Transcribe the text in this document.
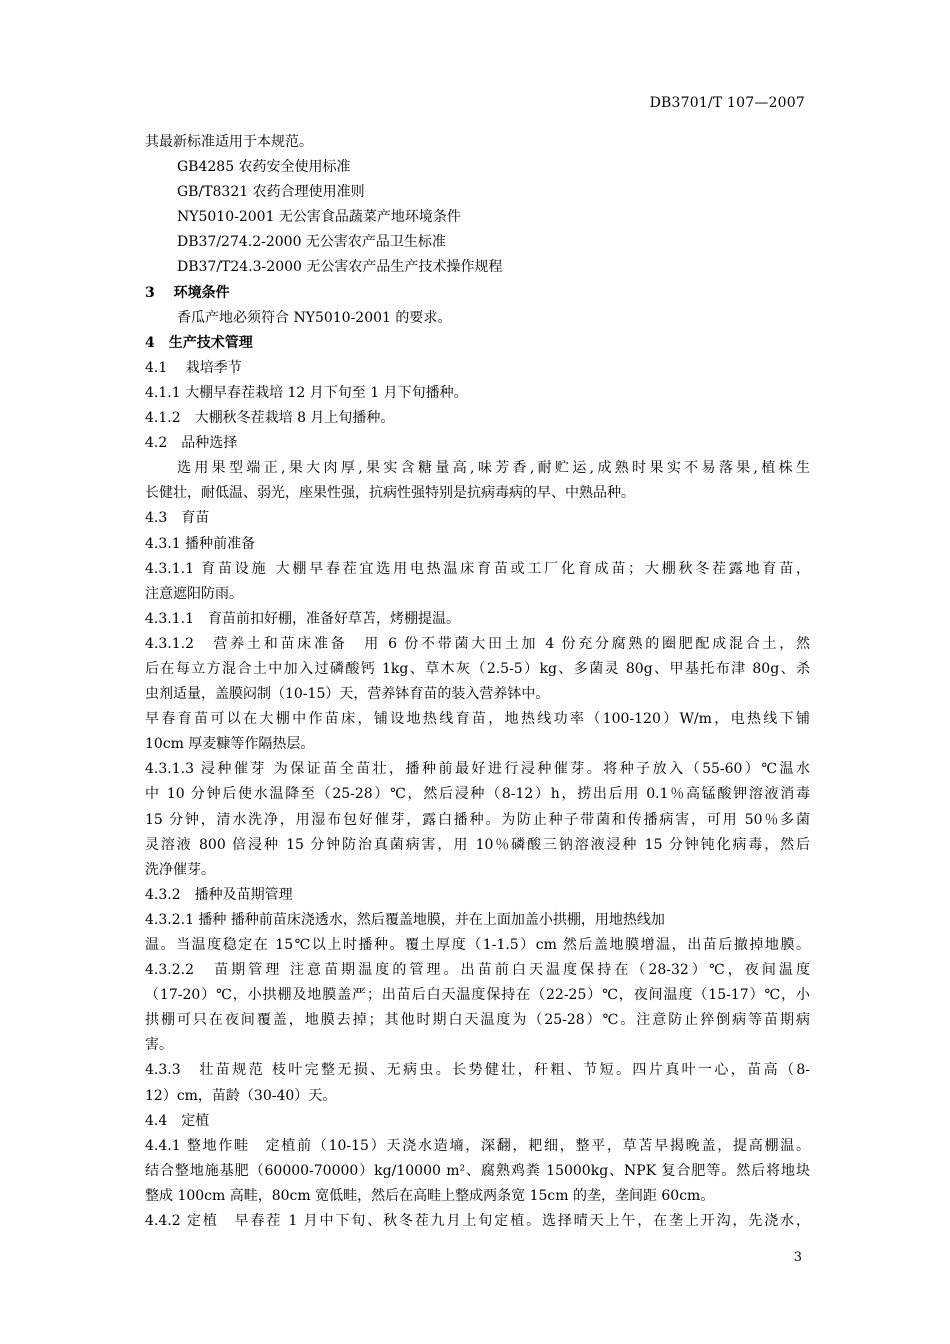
DB3701/T 107—2007
其最新标准适用于本规范。
GB4285 农药安全使用标准
GB/T8321 农药合理使用准则
NY5010-2001 无公害食品蔬菜产地环境条件
DB37/274.2-2000 无公害农产品卫生标准
DB37/T24.3-2000 无公害农产品生产技术操作规程
3　 环境条件
香瓜产地必须符合 NY5010-2001 的要求。
4　生产技术管理
4.1　 栽培季节
4.1.1 大棚早春茬栽培 12 月下旬至 1 月下旬播种。
4.1.2　大棚秋冬茬栽培 8 月上旬播种。
4.2　品种选择
选用果型端正,果大肉厚,果实含糖量高,味芳香,耐贮运,成熟时果实不易落果,植株生
长健壮，耐低温、弱光，座果性强，抗病性强特别是抗病毒病的早、中熟品种。
4.3　育苗
4.3.1 播种前准备
4.3.1.1 育苗设施 大棚早春茬宜选用电热温床育苗或工厂化育成苗；大棚秋冬茬露地育苗，
注意遮阳防雨。
4.3.1.1　育苗前扣好棚，准备好草苫，烤棚提温。
4.3.1.2　营养土和苗床准备　用 6 份不带菌大田土加 4 份充分腐熟的圈肥配成混合土，然
后在每立方混合土中加入过磷酸钙 1kg、草木灰（2.5-5）kg、多菌灵 80g、甲基托布津 80g、杀
虫剂适量，盖膜闷制（10-15）天，营养钵育苗的装入营养钵中。
早春育苗可以在大棚中作苗床，铺设地热线育苗，地热线功率（100-120）W/m，电热线下铺
10cm 厚麦糠等作隔热层。
4.3.1.3 浸种催芽 为保证苗全苗壮，播种前最好进行浸种催芽。将种子放入（55-60）℃温水
中 10 分钟后使水温降至（25-28）℃，然后浸种（8-12）h，捞出后用 0.1％高锰酸钾溶液消毒
15 分钟，清水洗净，用湿布包好催芽，露白播种。为防止种子带菌和传播病害，可用 50％多菌
灵溶液 800 倍浸种 15 分钟防治真菌病害，用 10％磷酸三钠溶液浸种 15 分钟钝化病毒，然后
洗净催芽。
4.3.2　播种及苗期管理
4.3.2.1 播种 播种前苗床浇透水，然后覆盖地膜，并在上面加盖小拱棚，用地热线加
温。当温度稳定在 15℃以上时播种。覆土厚度（1-1.5）cm 然后盖地膜增温，出苗后撤掉地膜。
4.3.2.2　苗期管理 注意苗期温度的管理。出苗前白天温度保持在（28-32）℃，夜间温度
（17-20）℃，小拱棚及地膜盖严；出苗后白天温度保持在（22-25）℃，夜间温度（15-17）℃，小
拱棚可只在夜间覆盖，地膜去掉；其他时期白天温度为（25-28）℃。注意防止猝倒病等苗期病
害。
4.3.3　壮苗规范 枝叶完整无损、无病虫。长势健壮，秆粗、节短。四片真叶一心，苗高（8-
12）cm，苗龄（30-40）天。
4.4　定植
4.4.1 整地作畦　定植前（10-15）天浇水造墒，深翻，耙细，整平，草苫早揭晚盖，提高棚温。
结合整地施基肥（60000-70000）kg/10000 m²、腐熟鸡粪 15000kg、NPK 复合肥等。然后将地块
整成 100cm 高畦，80cm 宽低畦，然后在高畦上整成两条宽 15cm 的垄，垄间距 60cm。
4.4.2 定植　早春茬 1 月中下旬、秋冬茬九月上旬定植。选择晴天上午，在垄上开沟，先浇水，
3
